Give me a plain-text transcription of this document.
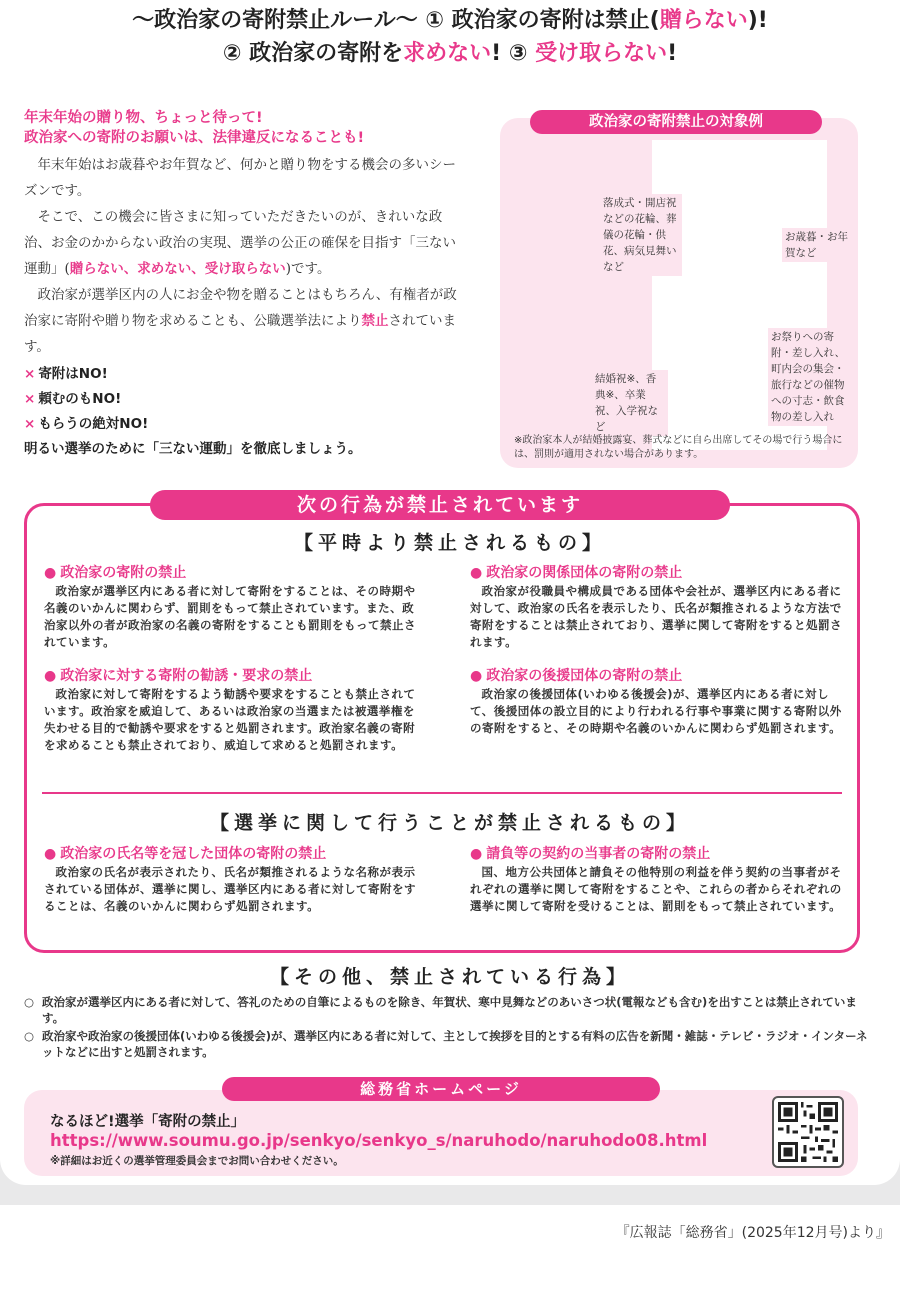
〜政治家の寄附禁止ルール〜 ① 政治家の寄附は禁止(贈らない)!
② 政治家の寄附を求めない! ③ 受け取らない!
年末年始の贈り物、ちょっと待って!
政治家への寄附のお願いは、法律違反になることも!

年末年始はお歳暮やお年賀など、何かと贈り物をする機会の多いシーズンです。

そこで、この機会に皆さまに知っていただきたいのが、きれいな政治、お金のかからない政治の実現、選挙の公正の確保を目指す「三ない運動」(贈らない、求めない、受け取らない)です。

政治家が選挙区内の人にお金や物を贈ることはもちろん、有権者が政治家に寄附や贈り物を求めることも、公職選挙法により禁止されています。

× 寄附はNO!
× 頼むのもNO!
× もらうの絶対NO!
明るい選挙のために「三ない運動」を徹底しましょう。
政治家の寄附禁止の対象例
落成式・開店祝などの花輪、葬儀の花輪・供花、病気見舞いなど
お歳暮・お年賀など
お祭りへの寄附・差し入れ、町内会の集会・旅行などの催物への寸志・飲食物の差し入れ
結婚祝※、香典※、卒業祝、入学祝など
※政治家本人が結婚披露宴、葬式などに自ら出席してその場で行う場合には、罰則が適用されない場合があります。
次の行為が禁止されています
【平時より禁止されるもの】
● 政治家の寄附の禁止
政治家が選挙区内にある者に対して寄附をすることは、その時期や名義のいかんに関わらず、罰則をもって禁止されています。また、政治家以外の者が政治家の名義の寄附をすることも罰則をもって禁止されています。
● 政治家の関係団体の寄附の禁止
政治家が役職員や構成員である団体や会社が、選挙区内にある者に対して、政治家の氏名を表示したり、氏名が類推されるような方法で寄附をすることは禁止されており、選挙に関して寄附をすると処罰されます。
● 政治家に対する寄附の勧誘・要求の禁止
政治家に対して寄附をするよう勧誘や要求をすることも禁止されています。政治家を威迫して、あるいは政治家の当選または被選挙権を失わせる目的で勧誘や要求をすると処罰されます。政治家名義の寄附を求めることも禁止されており、威迫して求めると処罰されます。
● 政治家の後援団体の寄附の禁止
政治家の後援団体(いわゆる後援会)が、選挙区内にある者に対して、後援団体の設立目的により行われる行事や事業に関する寄附以外の寄附をすると、その時期や名義のいかんに関わらず処罰されます。
【選挙に関して行うことが禁止されるもの】
● 政治家の氏名等を冠した団体の寄附の禁止
政治家の氏名が表示されたり、氏名が類推されるような名称が表示されている団体が、選挙に関し、選挙区内にある者に対して寄附をすることは、名義のいかんに関わらず処罰されます。
● 請負等の契約の当事者の寄附の禁止
国、地方公共団体と請負その他特別の利益を伴う契約の当事者がそれぞれの選挙に関して寄附をすることや、これらの者からそれぞれの選挙に関して寄附を受けることは、罰則をもって禁止されています。
【その他、禁止されている行為】
○ 政治家が選挙区内にある者に対して、答礼のための自筆によるものを除き、年賀状、寒中見舞などのあいさつ状(電報なども含む)を出すことは禁止されています。
○ 政治家や政治家の後援団体(いわゆる後援会)が、選挙区内にある者に対して、主として挨拶を目的とする有料の広告を新聞・雑誌・テレビ・ラジオ・インターネットなどに出すと処罰されます。
総務省ホームページ
なるほど!選挙「寄附の禁止」
https://www.soumu.go.jp/senkyo/senkyo_s/naruhodo/naruhodo08.html
※詳細はお近くの選挙管理委員会までお問い合わせください。
『広報誌「総務省」(2025年12月号)より』
